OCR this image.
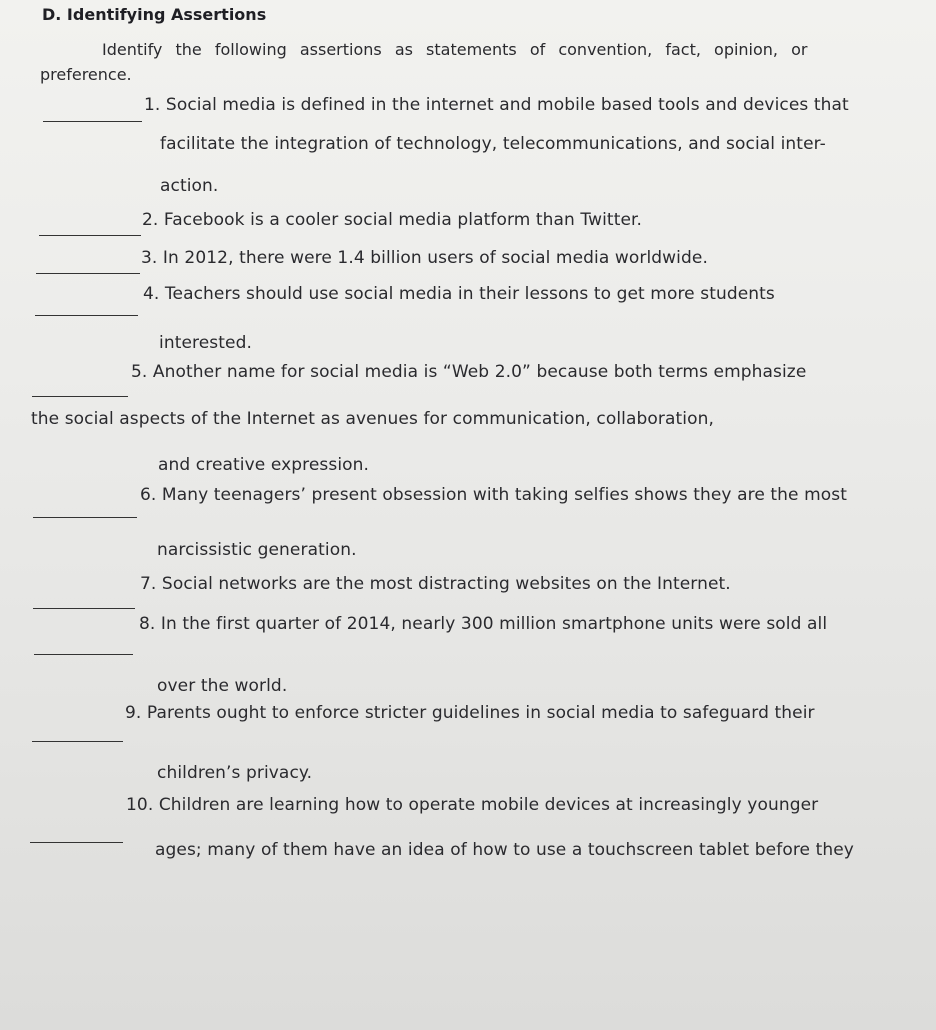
D. Identifying Assertions
Identify the following assertions as statements of convention, fact, opinion, or
preference.
1. Social media is defined in the internet and mobile based tools and devices that
facilitate the integration of technology, telecommunications, and social inter-
action.
2. Facebook is a cooler social media platform than Twitter.
3. In 2012, there were 1.4 billion users of social media worldwide.
4. Teachers should use social media in their lessons to get more students
interested.
5. Another name for social media is “Web 2.0” because both terms emphasize
the social aspects of the Internet as avenues for communication, collaboration,
and creative expression.
6. Many teenagers’ present obsession with taking selfies shows they are the most
narcissistic generation.
7. Social networks are the most distracting websites on the Internet.
8. In the first quarter of 2014, nearly 300 million smartphone units were sold all
over the world.
9. Parents ought to enforce stricter guidelines in social media to safeguard their
children’s privacy.
10. Children are learning how to operate mobile devices at increasingly younger
ages; many of them have an idea of how to use a touchscreen tablet before they
